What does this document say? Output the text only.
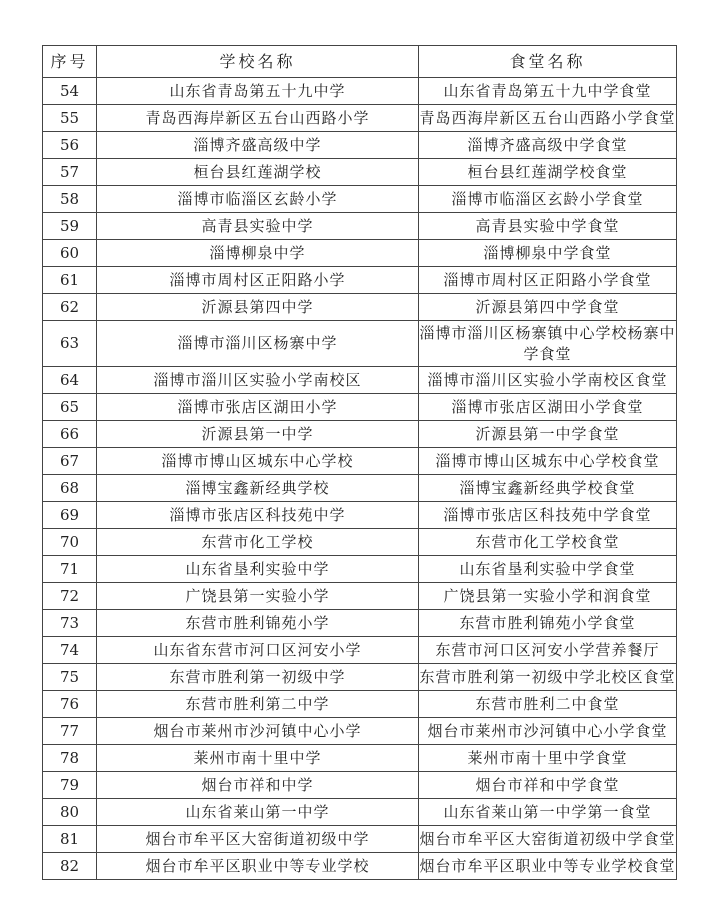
序号	学校名称	食堂名称
54	山东省青岛第五十九中学	山东省青岛第五十九中学食堂
55	青岛西海岸新区五台山西路小学	青岛西海岸新区五台山西路小学食堂
56	淄博齐盛高级中学	淄博齐盛高级中学食堂
57	桓台县红莲湖学校	桓台县红莲湖学校食堂
58	淄博市临淄区玄龄小学	淄博市临淄区玄龄小学食堂
59	高青县实验中学	高青县实验中学食堂
60	淄博柳泉中学	淄博柳泉中学食堂
61	淄博市周村区正阳路小学	淄博市周村区正阳路小学食堂
62	沂源县第四中学	沂源县第四中学食堂
63	淄博市淄川区杨寨中学	淄博市淄川区杨寨镇中心学校杨寨中学食堂
64	淄博市淄川区实验小学南校区	淄博市淄川区实验小学南校区食堂
65	淄博市张店区湖田小学	淄博市张店区湖田小学食堂
66	沂源县第一中学	沂源县第一中学食堂
67	淄博市博山区城东中心学校	淄博市博山区城东中心学校食堂
68	淄博宝鑫新经典学校	淄博宝鑫新经典学校食堂
69	淄博市张店区科技苑中学	淄博市张店区科技苑中学食堂
70	东营市化工学校	东营市化工学校食堂
71	山东省垦利实验中学	山东省垦利实验中学食堂
72	广饶县第一实验小学	广饶县第一实验小学和润食堂
73	东营市胜利锦苑小学	东营市胜利锦苑小学食堂
74	山东省东营市河口区河安小学	东营市河口区河安小学营养餐厅
75	东营市胜利第一初级中学	东营市胜利第一初级中学北校区食堂
76	东营市胜利第二中学	东营市胜利二中食堂
77	烟台市莱州市沙河镇中心小学	烟台市莱州市沙河镇中心小学食堂
78	莱州市南十里中学	莱州市南十里中学食堂
79	烟台市祥和中学	烟台市祥和中学食堂
80	山东省莱山第一中学	山东省莱山第一中学第一食堂
81	烟台市牟平区大窑街道初级中学	烟台市牟平区大窑街道初级中学食堂
82	烟台市牟平区职业中等专业学校	烟台市牟平区职业中等专业学校食堂
